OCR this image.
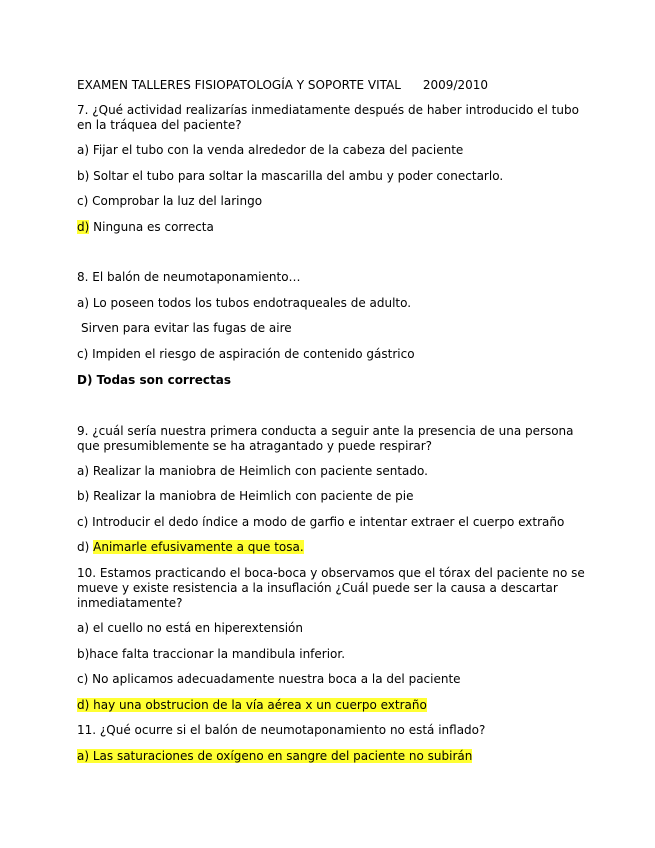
EXAMEN TALLERES FISIOPATOLOGÍA Y SOPORTE VITAL 2009/2010
7. ¿Qué actividad realizarías inmediatamente después de haber introducido el tubo en la tráquea del paciente?
a) Fijar el tubo con la venda alrededor de la cabeza del paciente
b) Soltar el tubo para soltar la mascarilla del ambu y poder conectarlo.
c) Comprobar la luz del laringo
d) Ninguna es correcta
8. El balón de neumotaponamiento…
a) Lo poseen todos los tubos endotraqueales de adulto.
Sirven para evitar las fugas de aire
c) Impiden el riesgo de aspiración de contenido gástrico
D) Todas son correctas
9. ¿cuál sería nuestra primera conducta a seguir ante la presencia de una persona que presumiblemente se ha atragantado y puede respirar?
a) Realizar la maniobra de Heimlich con paciente sentado.
b) Realizar la maniobra de Heimlich con paciente de pie
c) Introducir el dedo índice a modo de garfio e intentar extraer el cuerpo extraño
d) Animarle efusivamente a que tosa.
10. Estamos practicando el boca-boca y observamos que el tórax del paciente no se mueve y existe resistencia a la insuflación ¿Cuál puede ser la causa a descartar inmediatamente?
a) el cuello no está en hiperextensión
b)hace falta traccionar la mandibula inferior.
c) No aplicamos adecuadamente nuestra boca a la del paciente
d) hay una obstrucion de la vía aérea x un cuerpo extraño
11. ¿Qué ocurre si el balón de neumotaponamiento no está inflado?
a) Las saturaciones de oxígeno en sangre del paciente no subirán
